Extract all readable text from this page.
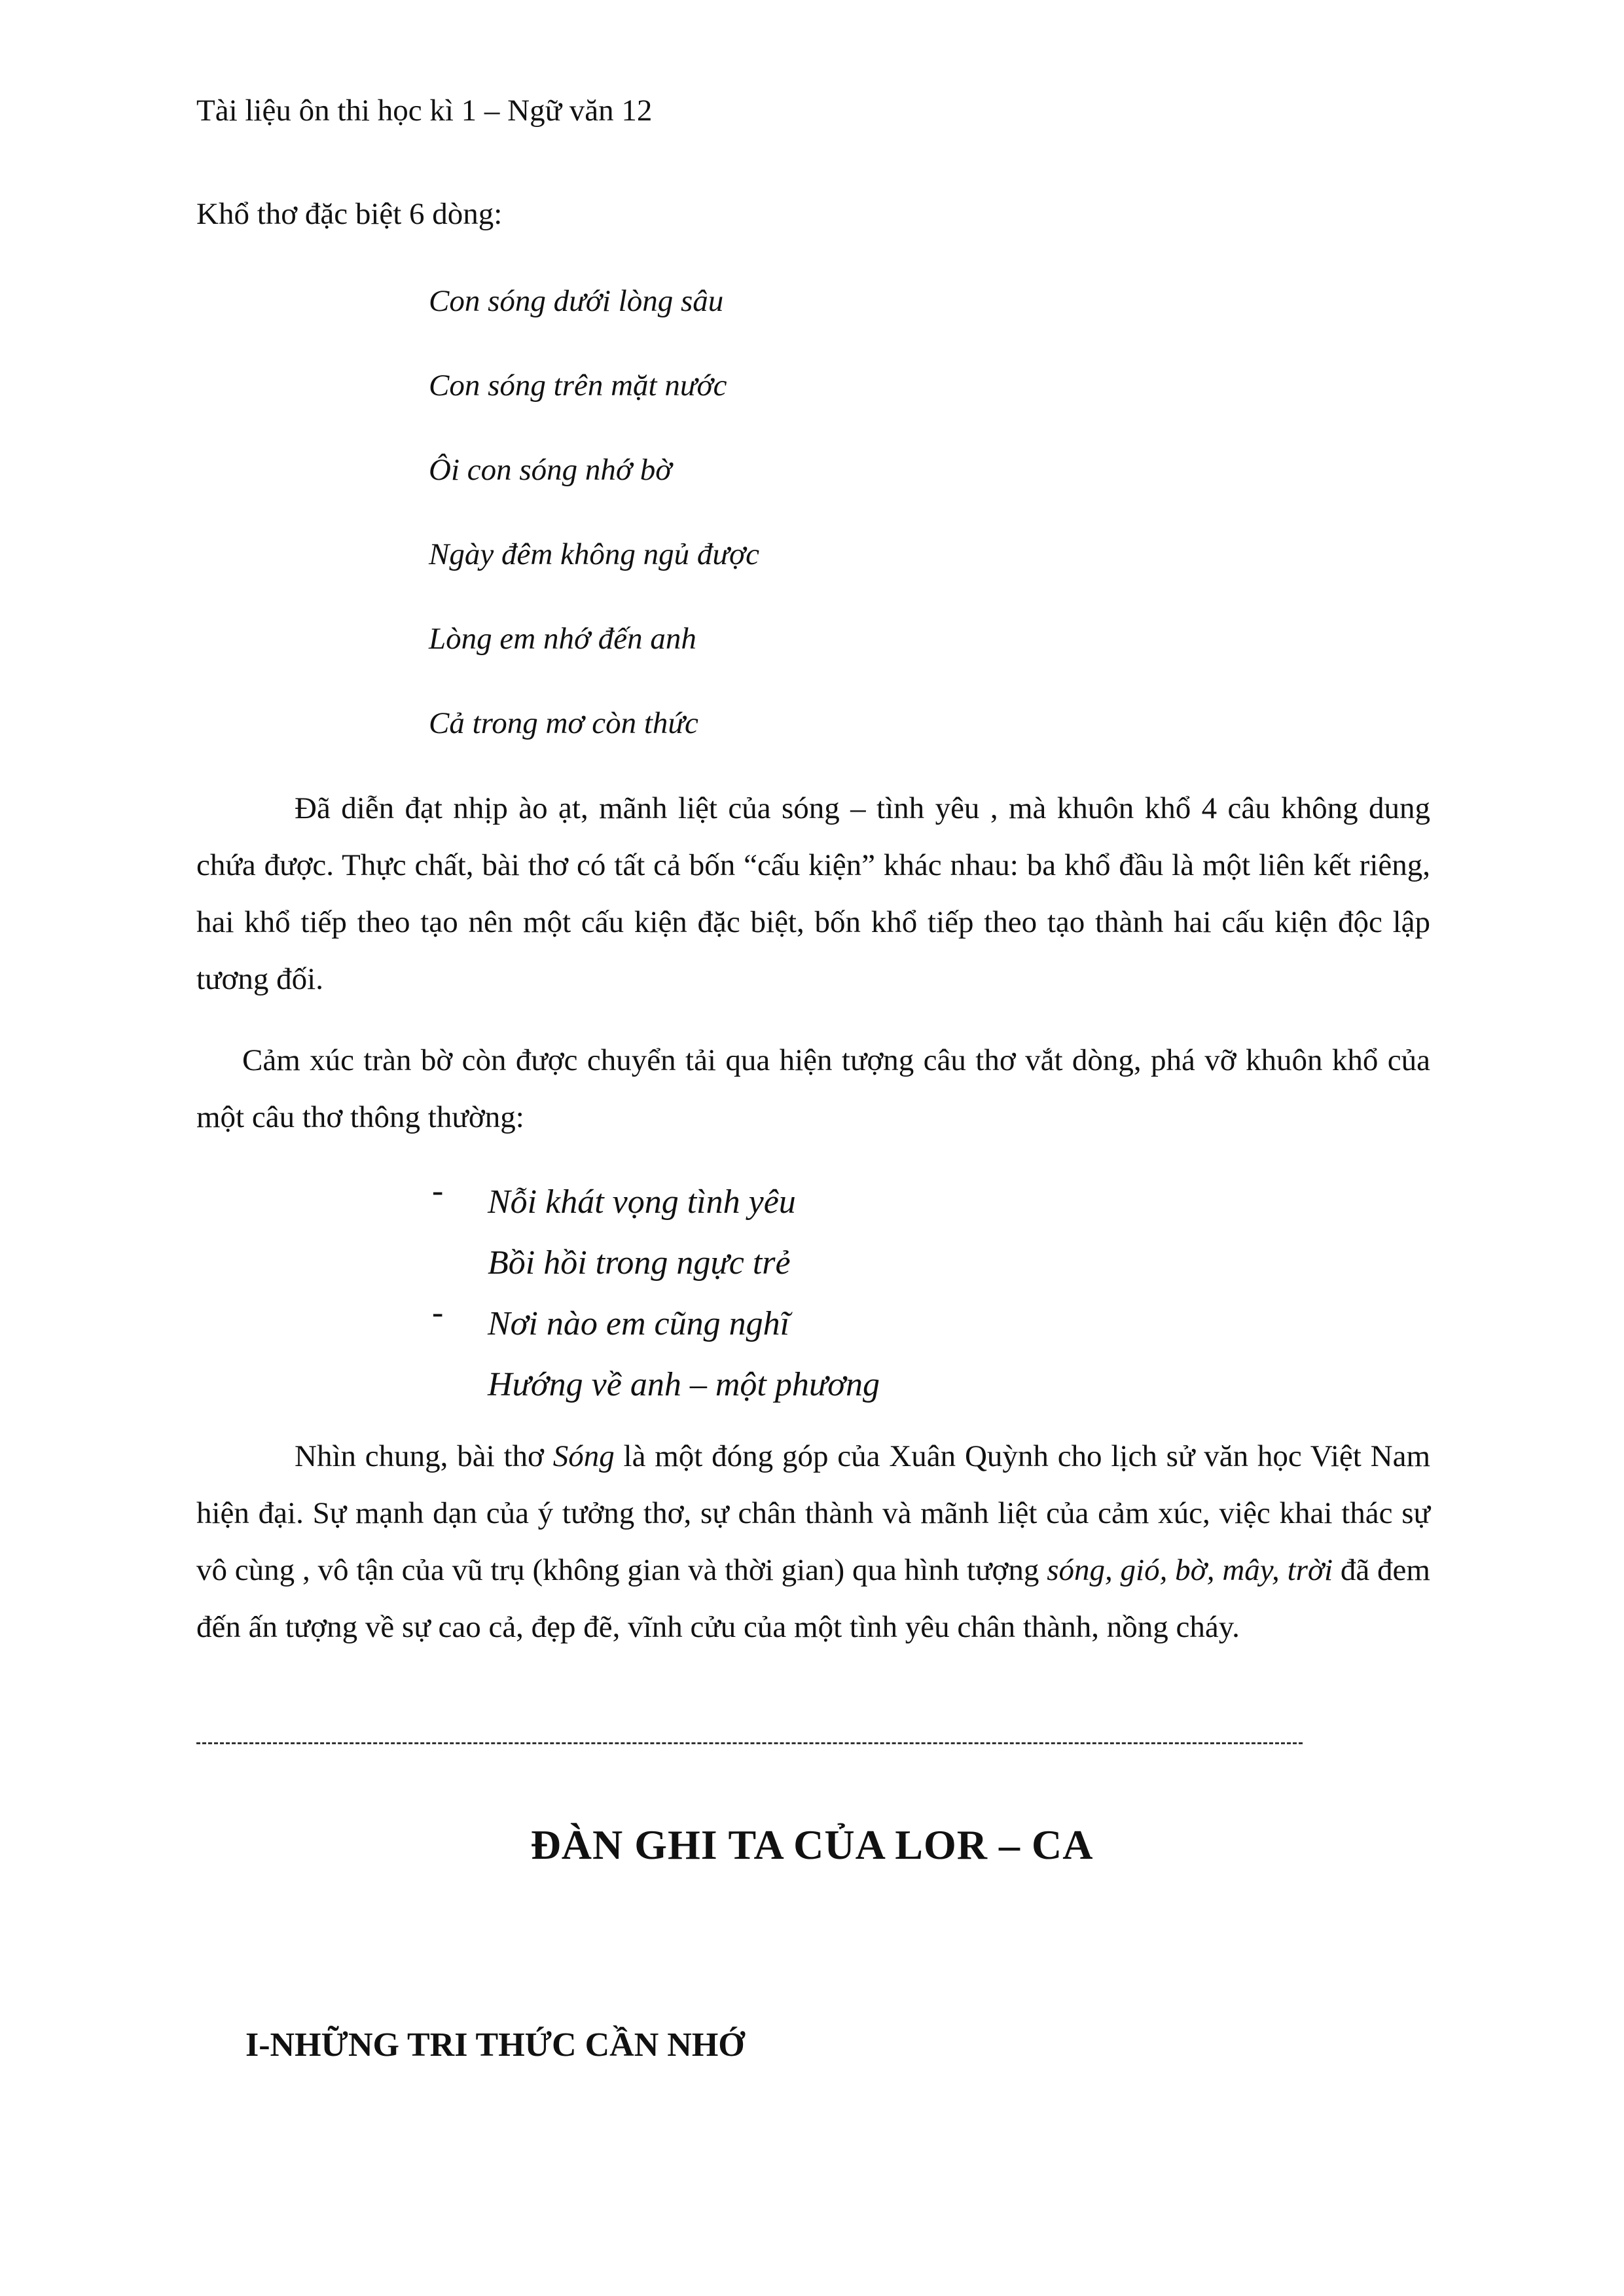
Tài liệu ôn thi học kì 1 – Ngữ văn 12
Khổ thơ đặc biệt 6 dòng:
Con sóng dưới lòng sâu
Con sóng trên mặt nước
Ôi con sóng nhớ bờ
Ngày đêm không ngủ được
Lòng em nhớ đến anh
Cả trong mơ còn thức

Đã diễn đạt nhịp ào ạt, mãnh liệt của sóng – tình yêu , mà khuôn khổ 4 câu không dung chứa được. Thực chất, bài thơ có tất cả bốn “cấu kiện” khác nhau: ba khổ đầu là một liên kết riêng, hai khổ tiếp theo tạo nên một cấu kiện đặc biệt, bốn khổ tiếp theo tạo thành hai cấu kiện độc lập tương đối.

Cảm xúc tràn bờ còn được chuyển tải qua hiện tượng câu thơ vắt dòng, phá vỡ khuôn khổ của một câu thơ thông thường:

-	Nỗi khát vọng tình yêu
Bồi hồi trong ngực trẻ
-	Nơi nào em cũng nghĩ
Hướng về anh – một phương

Nhìn chung, bài thơ Sóng là một đóng góp của Xuân Quỳnh cho lịch sử văn học Việt Nam hiện đại. Sự mạnh dạn của ý tưởng thơ, sự chân thành và mãnh liệt của cảm xúc, việc khai thác sự vô cùng , vô tận của vũ trụ (không gian và thời gian) qua hình tượng sóng, gió, bờ, mây, trời đã đem đến ấn tượng về sự cao cả, đẹp đẽ, vĩnh cửu của một tình yêu chân thành, nồng cháy.

ĐÀN GHI TA CỦA LOR – CA
I-NHỮNG TRI THỨC CẦN NHỚ
